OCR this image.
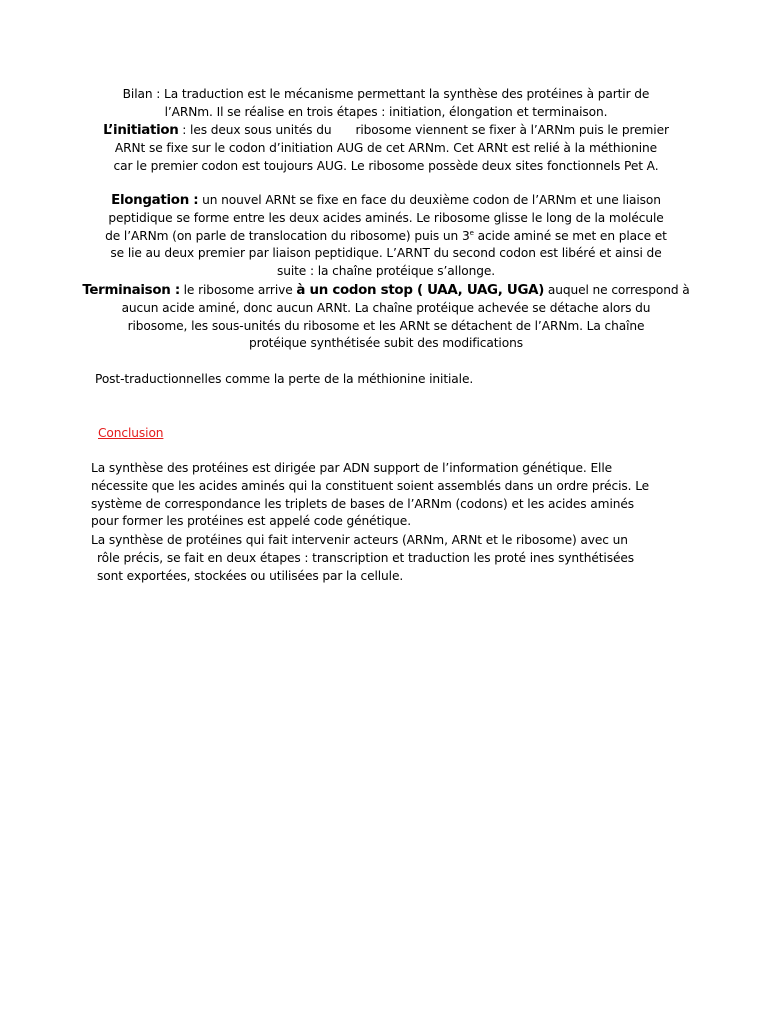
Bilan : La traduction est le mécanisme permettant la synthèse des protéines à partir de
l’ARNm. Il se réalise en trois étapes : initiation, élongation et terminaison.
L’initiation : les deux sous unités du ribosome viennent se fixer à l’ARNm puis le premier
ARNt se fixe sur le codon d’initiation AUG de cet ARNm. Cet ARNt est relié à la méthionine
car le premier codon est toujours AUG. Le ribosome possède deux sites fonctionnels Pet A.
Elongation : un nouvel ARNt se fixe en face du deuxième codon de l’ARNm et une liaison
peptidique se forme entre les deux acides aminés. Le ribosome glisse le long de la molécule
de l’ARNm (on parle de translocation du ribosome) puis un 3e acide aminé se met en place et
se lie au deux premier par liaison peptidique. L’ARNT du second codon est libéré et ainsi de
suite : la chaîne protéique s’allonge.
Terminaison : le ribosome arrive à un codon stop ( UAA, UAG, UGA) auquel ne correspond à
aucun acide aminé, donc aucun ARNt. La chaîne protéique achevée se détache alors du
ribosome, les sous-unités du ribosome et les ARNt se détachent de l’ARNm. La chaîne
protéique synthétisée subit des modifications
Post-traductionnelles comme la perte de la méthionine initiale.
Conclusion
La synthèse des protéines est dirigée par ADN support de l’information génétique. Elle
nécessite que les acides aminés qui la constituent soient assemblés dans un ordre précis. Le
système de correspondance les triplets de bases de l’ARNm (codons) et les acides aminés
pour former les protéines est appelé code génétique.
La synthèse de protéines qui fait intervenir acteurs (ARNm, ARNt et le ribosome) avec un
rôle précis, se fait en deux étapes : transcription et traduction les proté ines synthétisées
sont exportées, stockées ou utilisées par la cellule.
